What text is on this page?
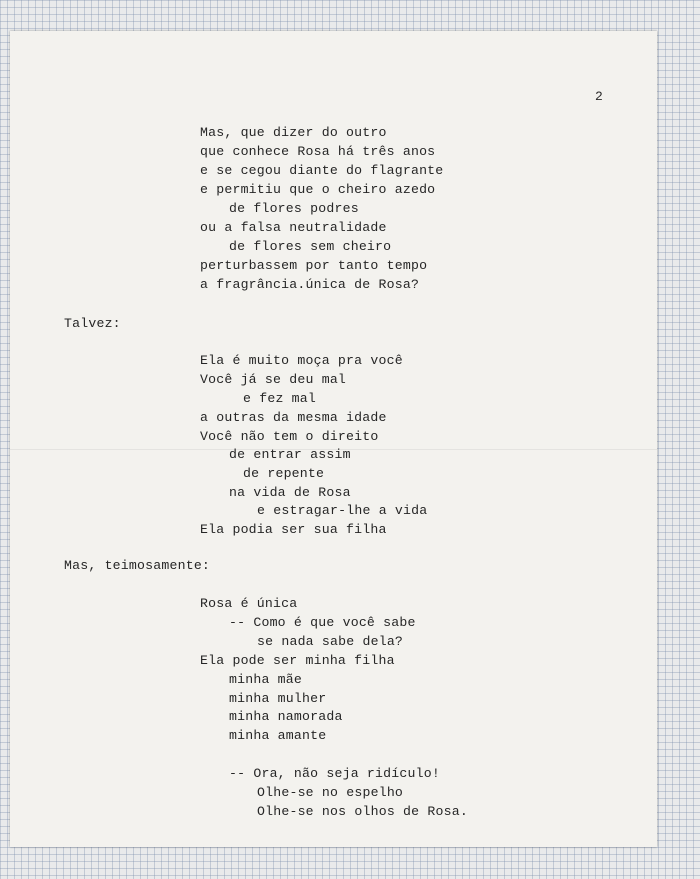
2
Mas, que dizer do outro
que conhece Rosa há três anos
e se cegou diante do flagrante
e permitiu que o cheiro azedo
de flores podres
ou a falsa neutralidade
de flores sem cheiro
perturbassem por tanto tempo
a fragrância.única de Rosa?
Talvez:
Ela é muito moça pra você
Você já se deu mal
e fez mal
a outras da mesma idade
Você não tem o direito
de entrar assim
de repente
na vida de Rosa
e estragar-lhe a vida
Ela podia ser sua filha
Mas, teimosamente:
Rosa é única
-- Como é que você sabe
se nada sabe dela?
Ela pode ser minha filha
minha mãe
minha mulher
minha namorada
minha amante
-- Ora, não seja ridículo!
Olhe-se no espelho
Olhe-se nos olhos de Rosa.
